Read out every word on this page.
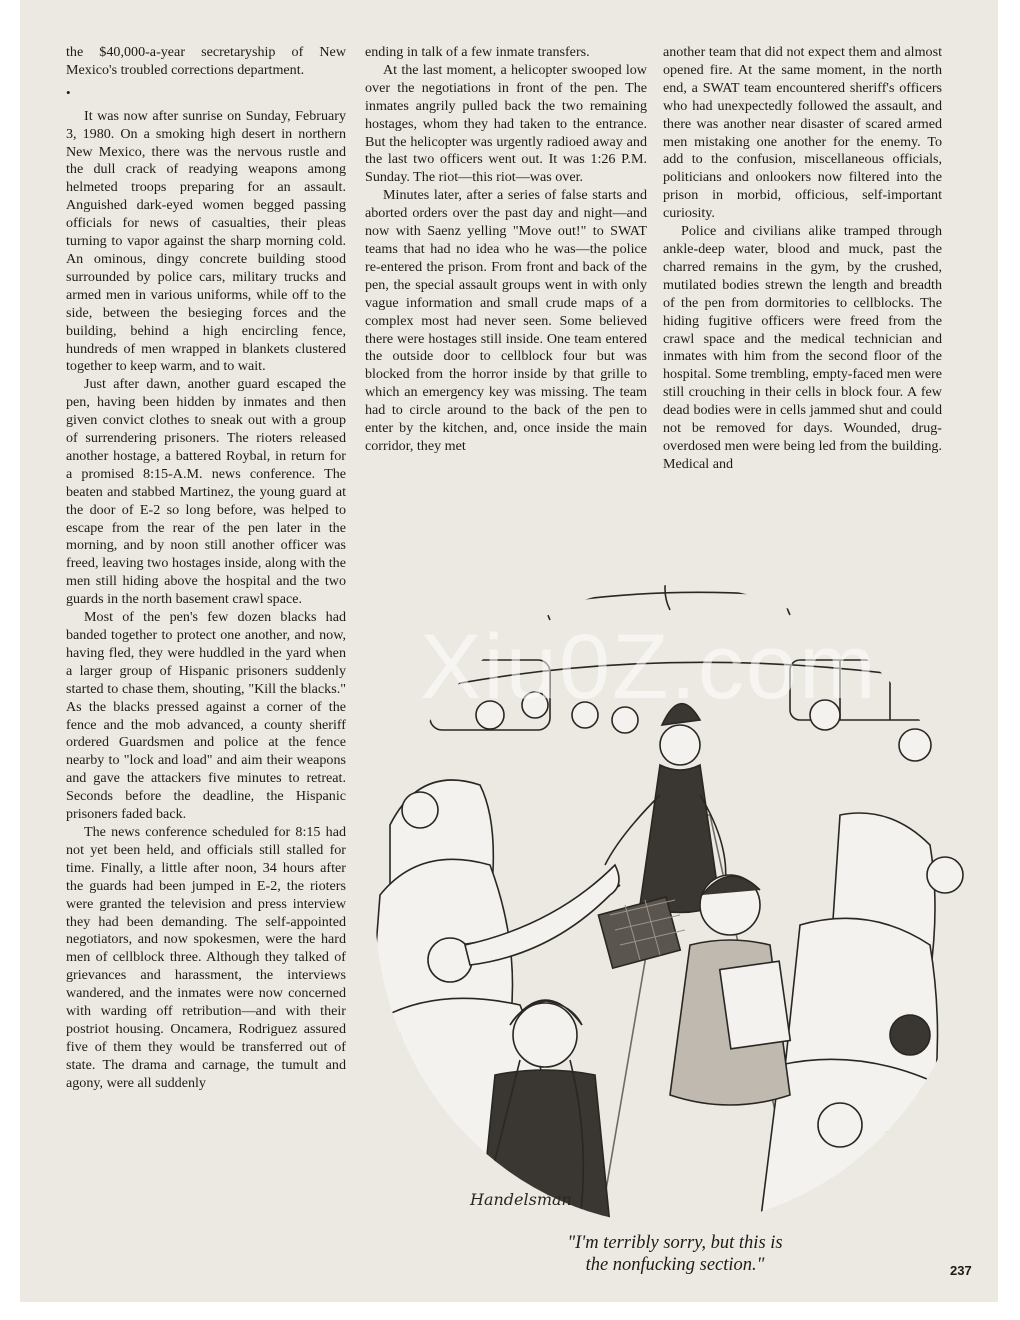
the $40,000-a-year secretaryship of New Mexico's troubled corrections department.

•

It was now after sunrise on Sunday, February 3, 1980. On a smoking high desert in northern New Mexico, there was the nervous rustle and the dull crack of readying weapons among helmeted troops preparing for an assault. Anguished dark-eyed women begged passing officials for news of casualties, their pleas turning to vapor against the sharp morning cold. An ominous, dingy concrete building stood surrounded by police cars, military trucks and armed men in various uniforms, while off to the side, between the besieging forces and the building, behind a high encircling fence, hundreds of men wrapped in blankets clustered together to keep warm, and to wait.

Just after dawn, another guard escaped the pen, having been hidden by inmates and then given convict clothes to sneak out with a group of surrendering prisoners. The rioters released another hostage, a battered Roybal, in return for a promised 8:15-A.M. news conference. The beaten and stabbed Martinez, the young guard at the door of E-2 so long before, was helped to escape from the rear of the pen later in the morning, and by noon still another officer was freed, leaving two hostages inside, along with the men still hiding above the hospital and the two guards in the north basement crawl space.

Most of the pen's few dozen blacks had banded together to protect one another, and now, having fled, they were huddled in the yard when a larger group of Hispanic prisoners suddenly started to chase them, shouting, "Kill the blacks." As the blacks pressed against a corner of the fence and the mob advanced, a county sheriff ordered Guardsmen and police at the fence nearby to "lock and load" and aim their weapons and gave the attackers five minutes to retreat. Seconds before the deadline, the Hispanic prisoners faded back.

The news conference scheduled for 8:15 had not yet been held, and officials still stalled for time. Finally, a little after noon, 34 hours after the guards had been jumped in E-2, the rioters were granted the television and press interview they had been demanding. The self-appointed negotiators, and now spokesmen, were the hard men of cellblock three. Although they talked of grievances and harassment, the interviews wandered, and the inmates were now concerned with warding off retribution—and with their postriot housing. Oncamera, Rodriguez assured five of them they would be transferred out of state. The drama and carnage, the tumult and agony, were all suddenly

ending in talk of a few inmate transfers.

At the last moment, a helicopter swooped low over the negotiations in front of the pen. The inmates angrily pulled back the two remaining hostages, whom they had taken to the entrance. But the helicopter was urgently radioed away and the last two officers went out. It was 1:26 P.M. Sunday. The riot—this riot—was over.

Minutes later, after a series of false starts and aborted orders over the past day and night—and now with Saenz yelling "Move out!" to SWAT teams that had no idea who he was—the police re-entered the prison. From front and back of the pen, the special assault groups went in with only vague information and small crude maps of a complex most had never seen. Some believed there were hostages still inside. One team entered the outside door to cellblock four but was blocked from the horror inside by that grille to which an emergency key was missing. The team had to circle around to the back of the pen to enter by the kitchen, and, once inside the main corridor, they met

another team that did not expect them and almost opened fire. At the same moment, in the north end, a SWAT team encountered sheriff's officers who had unexpectedly followed the assault, and there was another near disaster of scared armed men mistaking one another for the enemy. To add to the confusion, miscellaneous officials, politicians and onlookers now filtered into the prison in morbid, officious, self-important curiosity.

Police and civilians alike tramped through ankle-deep water, blood and muck, past the charred remains in the gym, by the crushed, mutilated bodies strewn the length and breadth of the pen from dormitories to cellblocks. The hiding fugitive officers were freed from the crawl space and the medical technician and inmates with him from the second floor of the hospital. Some trembling, empty-faced men were still crouching in their cells in block four. A few dead bodies were in cells jammed shut and could not be removed for days. Wounded, drug-overdosed men were being led from the building. Medical and

Handelsman
Xiu0Z.com
"I'm terribly sorry, but this is
the nonfucking section."	237
